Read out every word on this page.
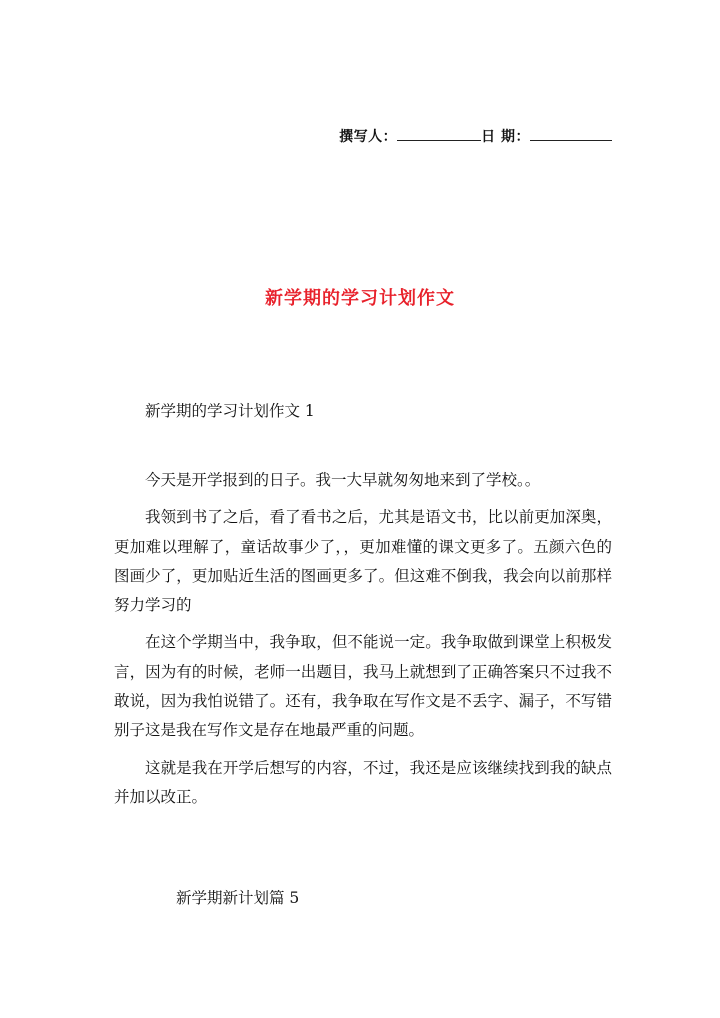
撰写人：	日 期：
新学期的学习计划作文
新学期的学习计划作文 1

今天是开学报到的日子。我一大早就匆匆地来到了学校。。

我领到书了之后，看了看书之后，尤其是语文书，比以前更加深奥，更加难以理解了，童话故事少了，，更加难懂的课文更多了。五颜六色的图画少了，更加贴近生活的图画更多了。但这难不倒我，我会向以前那样努力学习的

在这个学期当中，我争取，但不能说一定。我争取做到课堂上积极发言，因为有的时候，老师一出题目，我马上就想到了正确答案只不过我不敢说，因为我怕说错了。还有，我争取在写作文是不丢字、漏子，不写错别子这是我在写作文是存在地最严重的问题。

这就是我在开学后想写的内容，不过，我还是应该继续找到我的缺点并加以改正。

新学期新计划篇 5
